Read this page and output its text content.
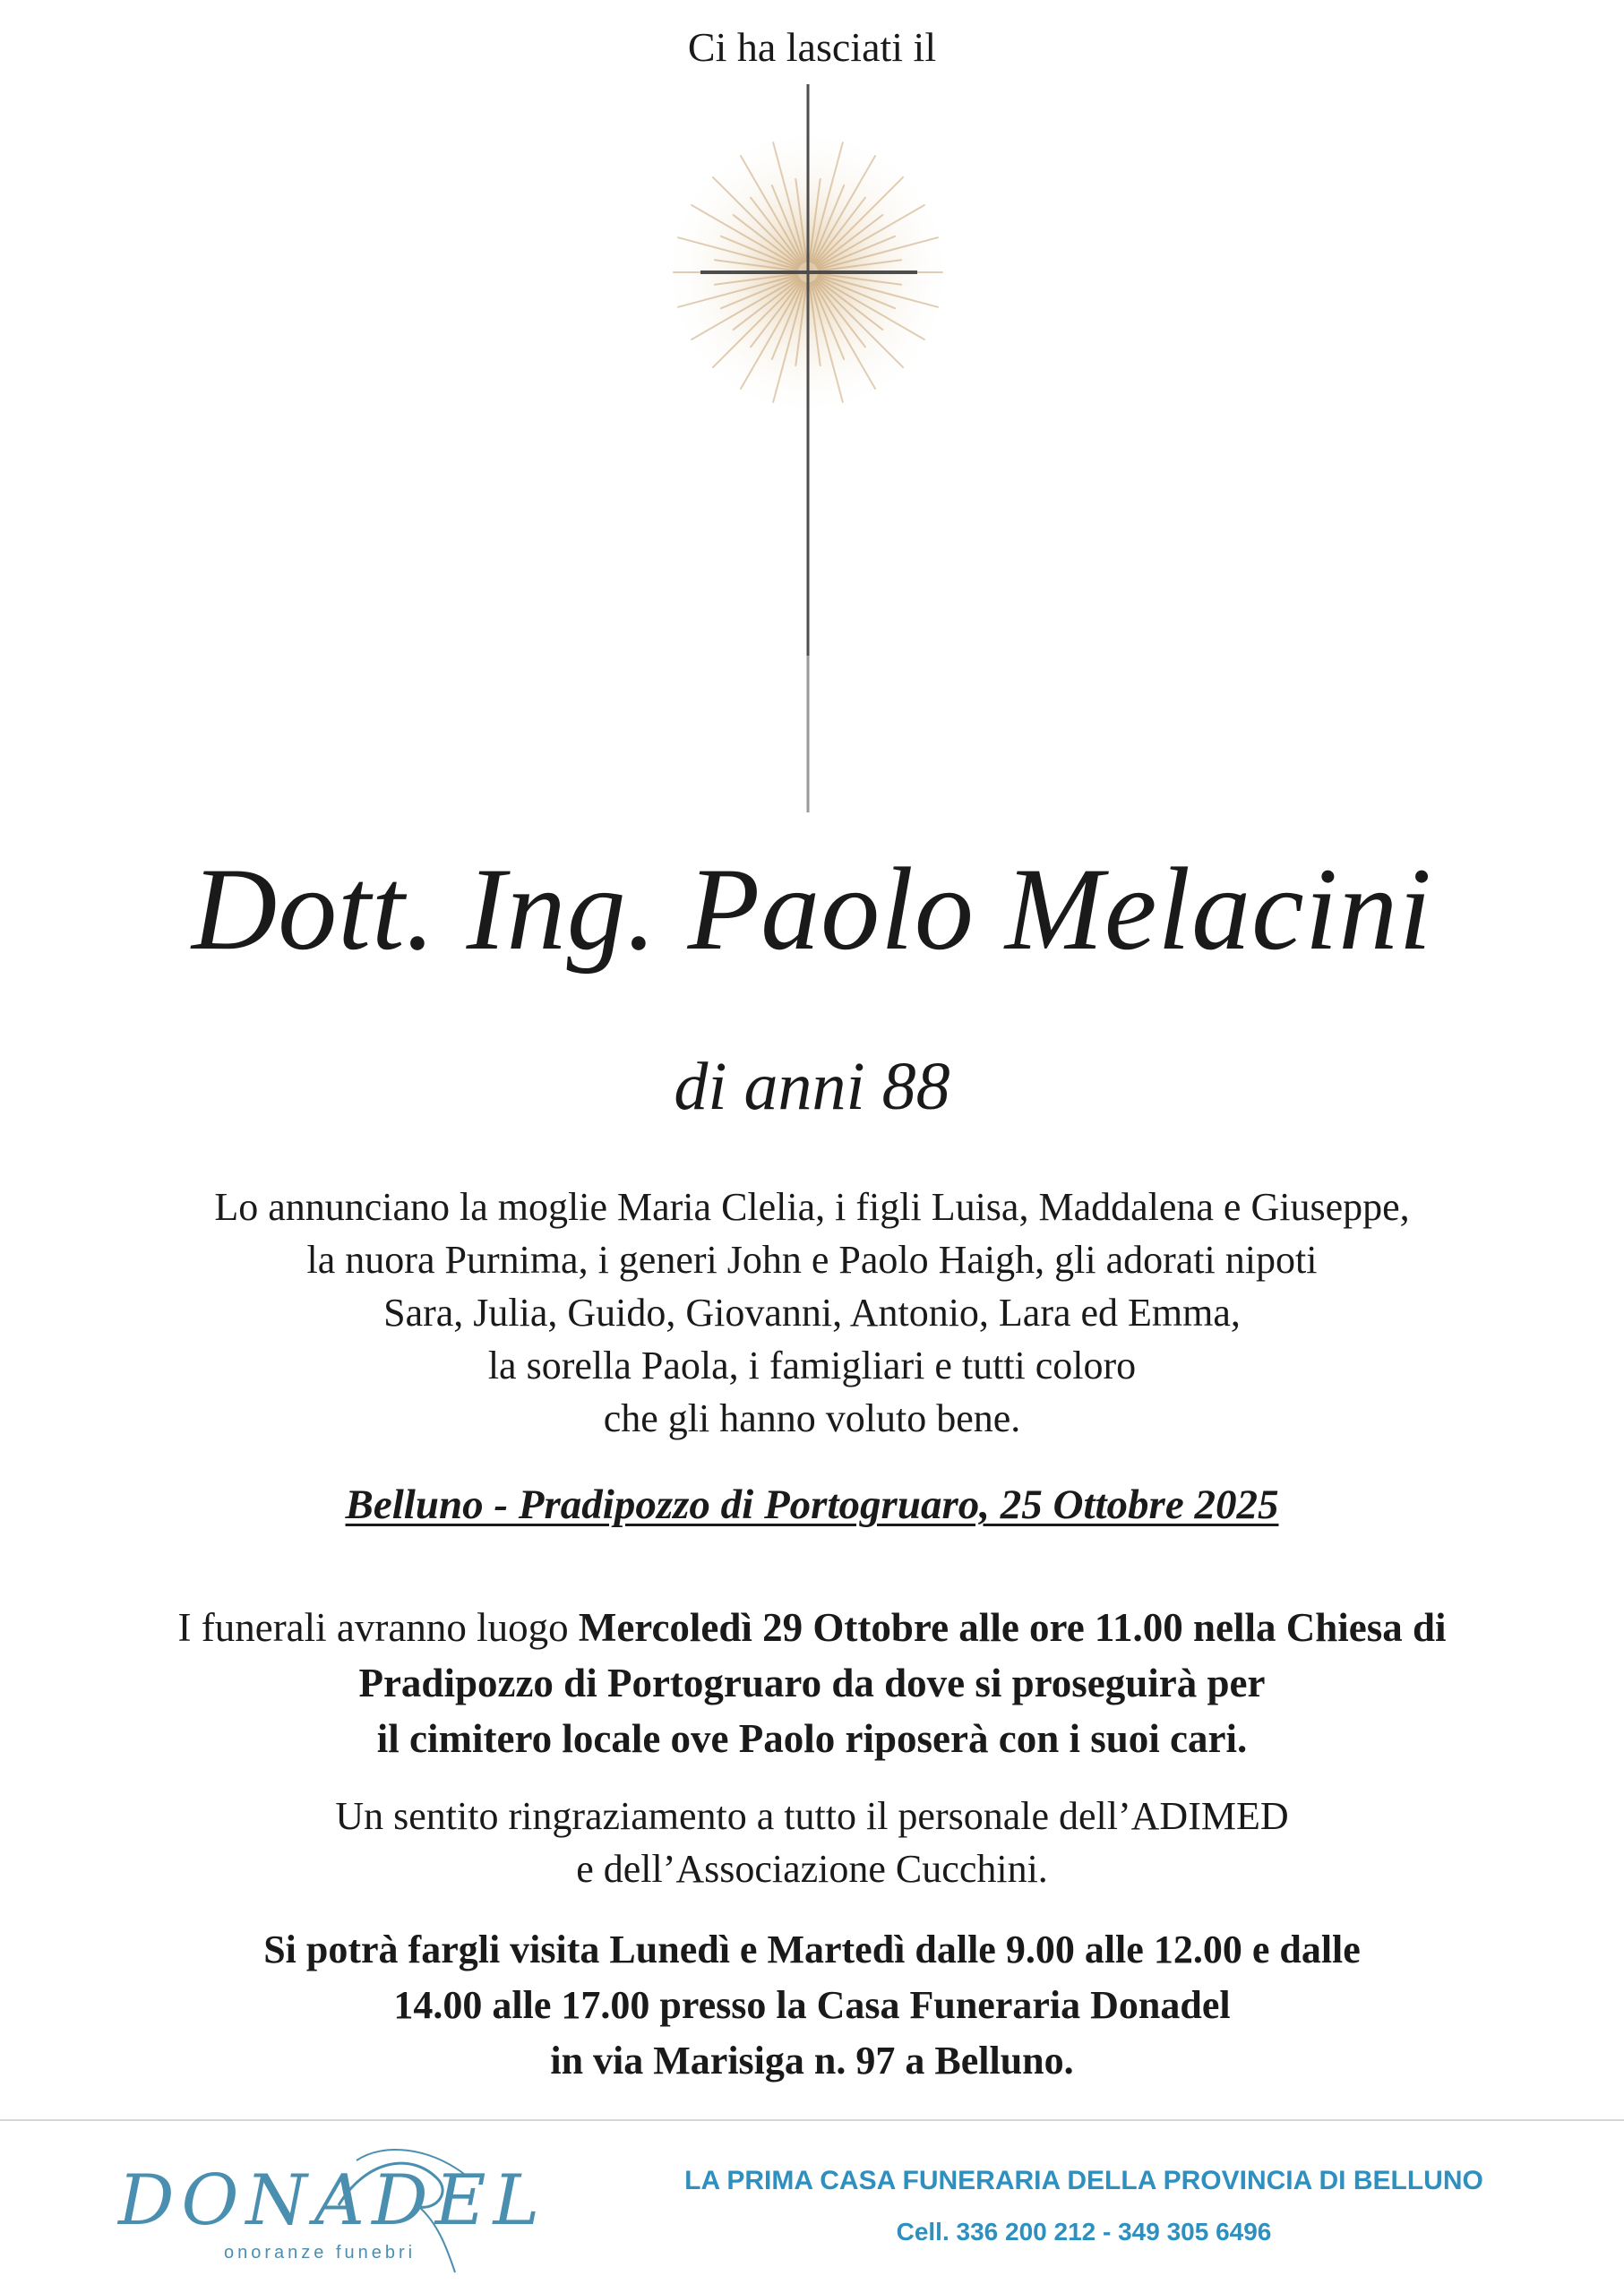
Ci ha lasciati il
Dott. Ing. Paolo Melacini
di anni 88
Lo annunciano la moglie Maria Clelia, i figli Luisa, Maddalena e Giuseppe,
la nuora Purnima, i generi John e Paolo Haigh, gli adorati nipoti
Sara, Julia, Guido, Giovanni, Antonio, Lara ed Emma,
la sorella Paola, i famigliari e tutti coloro
che gli hanno voluto bene.
Belluno - Pradipozzo di Portogruaro, 25 Ottobre 2025
I funerali avranno luogo Mercoledì 29 Ottobre alle ore 11.00 nella Chiesa di
Pradipozzo di Portogruaro da dove si proseguirà per
il cimitero locale ove Paolo riposerà con i suoi cari.
Un sentito ringraziamento a tutto il personale dell’ADIMED
e dell’Associazione Cucchini.
Si potrà fargli visita Lunedì e Martedì dalle 9.00 alle 12.00 e dalle
14.00 alle 17.00 presso la Casa Funeraria Donadel
in via Marisiga n. 97 a Belluno.
DONADEL
onoranze funebri
LA PRIMA CASA FUNERARIA DELLA PROVINCIA DI BELLUNO
Cell. 336 200 212 - 349 305 6496
